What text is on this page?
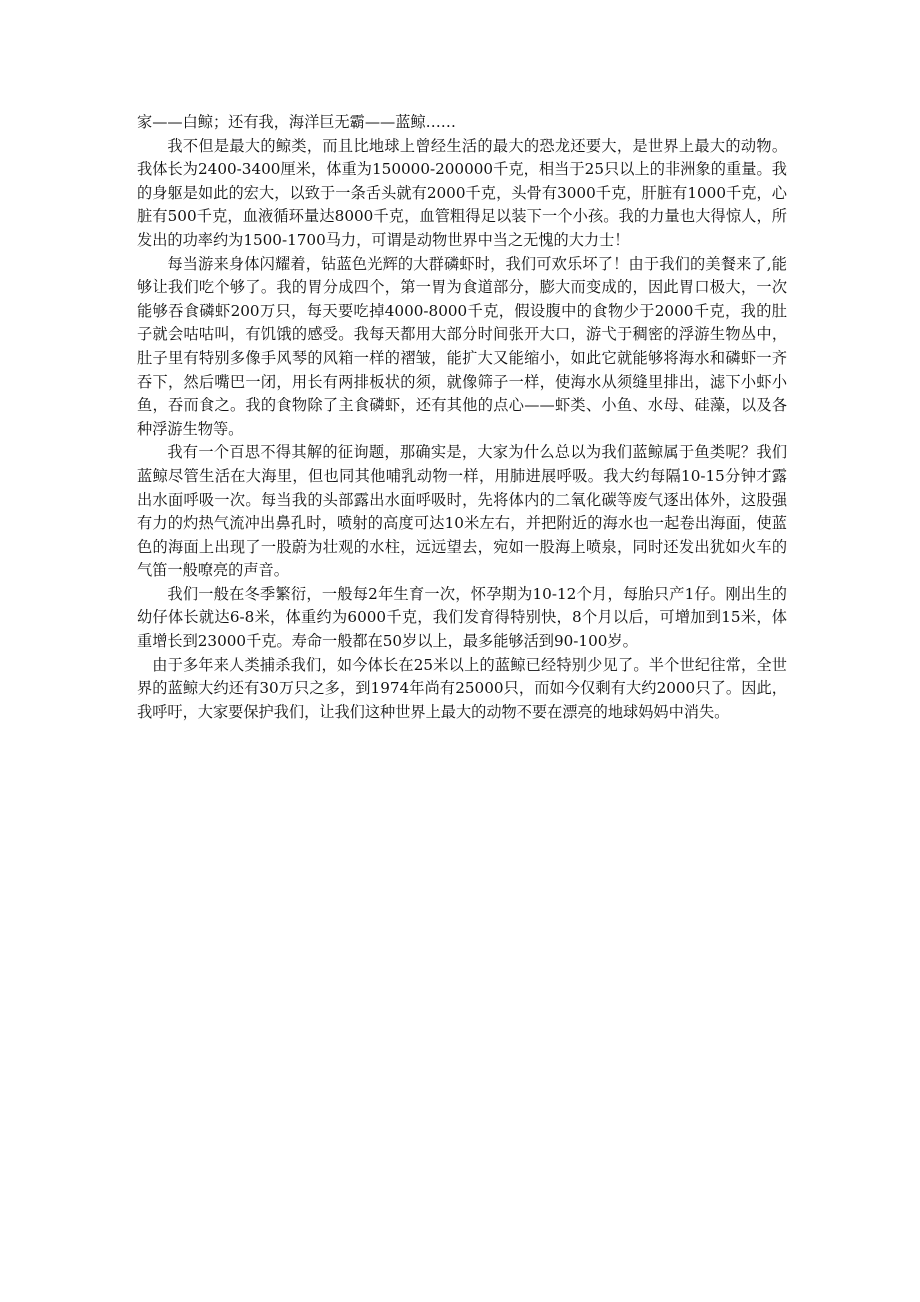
家——白鲸；还有我，海洋巨无霸——蓝鲸……

我不但是最大的鲸类，而且比地球上曾经生活的最大的恐龙还要大，是世界上最大的动物。我体长为2400-3400厘米，体重为150000-200000千克，相当于25只以上的非洲象的重量。我的身躯是如此的宏大，以致于一条舌头就有2000千克，头骨有3000千克，肝脏有1000千克，心脏有500千克，血液循环量达8000千克，血管粗得足以装下一个小孩。我的力量也大得惊人，所发出的功率约为1500-1700马力，可谓是动物世界中当之无愧的大力士！

每当游来身体闪耀着，钻蓝色光辉的大群磷虾时，我们可欢乐坏了！由于我们的美餐来了,能够让我们吃个够了。我的胃分成四个，第一胃为食道部分，膨大而变成的，因此胃口极大，一次能够吞食磷虾200万只，每天要吃掉4000-8000千克，假设腹中的食物少于2000千克，我的肚子就会咕咕叫，有饥饿的感受。我每天都用大部分时间张开大口，游弋于稠密的浮游生物丛中，肚子里有特别多像手风琴的风箱一样的褶皱，能扩大又能缩小，如此它就能够将海水和磷虾一齐吞下，然后嘴巴一闭，用长有两排板状的须，就像筛子一样，使海水从须缝里排出，滤下小虾小鱼，吞而食之。我的食物除了主食磷虾，还有其他的点心——虾类、小鱼、水母、硅藻，以及各种浮游生物等。

我有一个百思不得其解的征询题，那确实是，大家为什么总以为我们蓝鲸属于鱼类呢？我们蓝鲸尽管生活在大海里，但也同其他哺乳动物一样，用肺进展呼吸。我大约每隔10-15分钟才露出水面呼吸一次。每当我的头部露出水面呼吸时，先将体内的二氧化碳等废气逐出体外，这股强有力的灼热气流冲出鼻孔时，喷射的高度可达10米左右，并把附近的海水也一起卷出海面，使蓝色的海面上出现了一股蔚为壮观的水柱，远远望去，宛如一股海上喷泉，同时还发出犹如火车的气笛一般嘹亮的声音。

我们一般在冬季繁衍，一般每2年生育一次，怀孕期为10-12个月，每胎只产1仔。刚出生的幼仔体长就达6-8米，体重约为6000千克，我们发育得特别快，8个月以后，可增加到15米，体重增长到23000千克。寿命一般都在50岁以上，最多能够活到90-100岁。

由于多年来人类捕杀我们，如今体长在25米以上的蓝鲸已经特别少见了。半个世纪往常，全世界的蓝鲸大约还有30万只之多，到1974年尚有25000只，而如今仅剩有大约2000只了。因此，我呼吁，大家要保护我们，让我们这种世界上最大的动物不要在漂亮的地球妈妈中消失。
